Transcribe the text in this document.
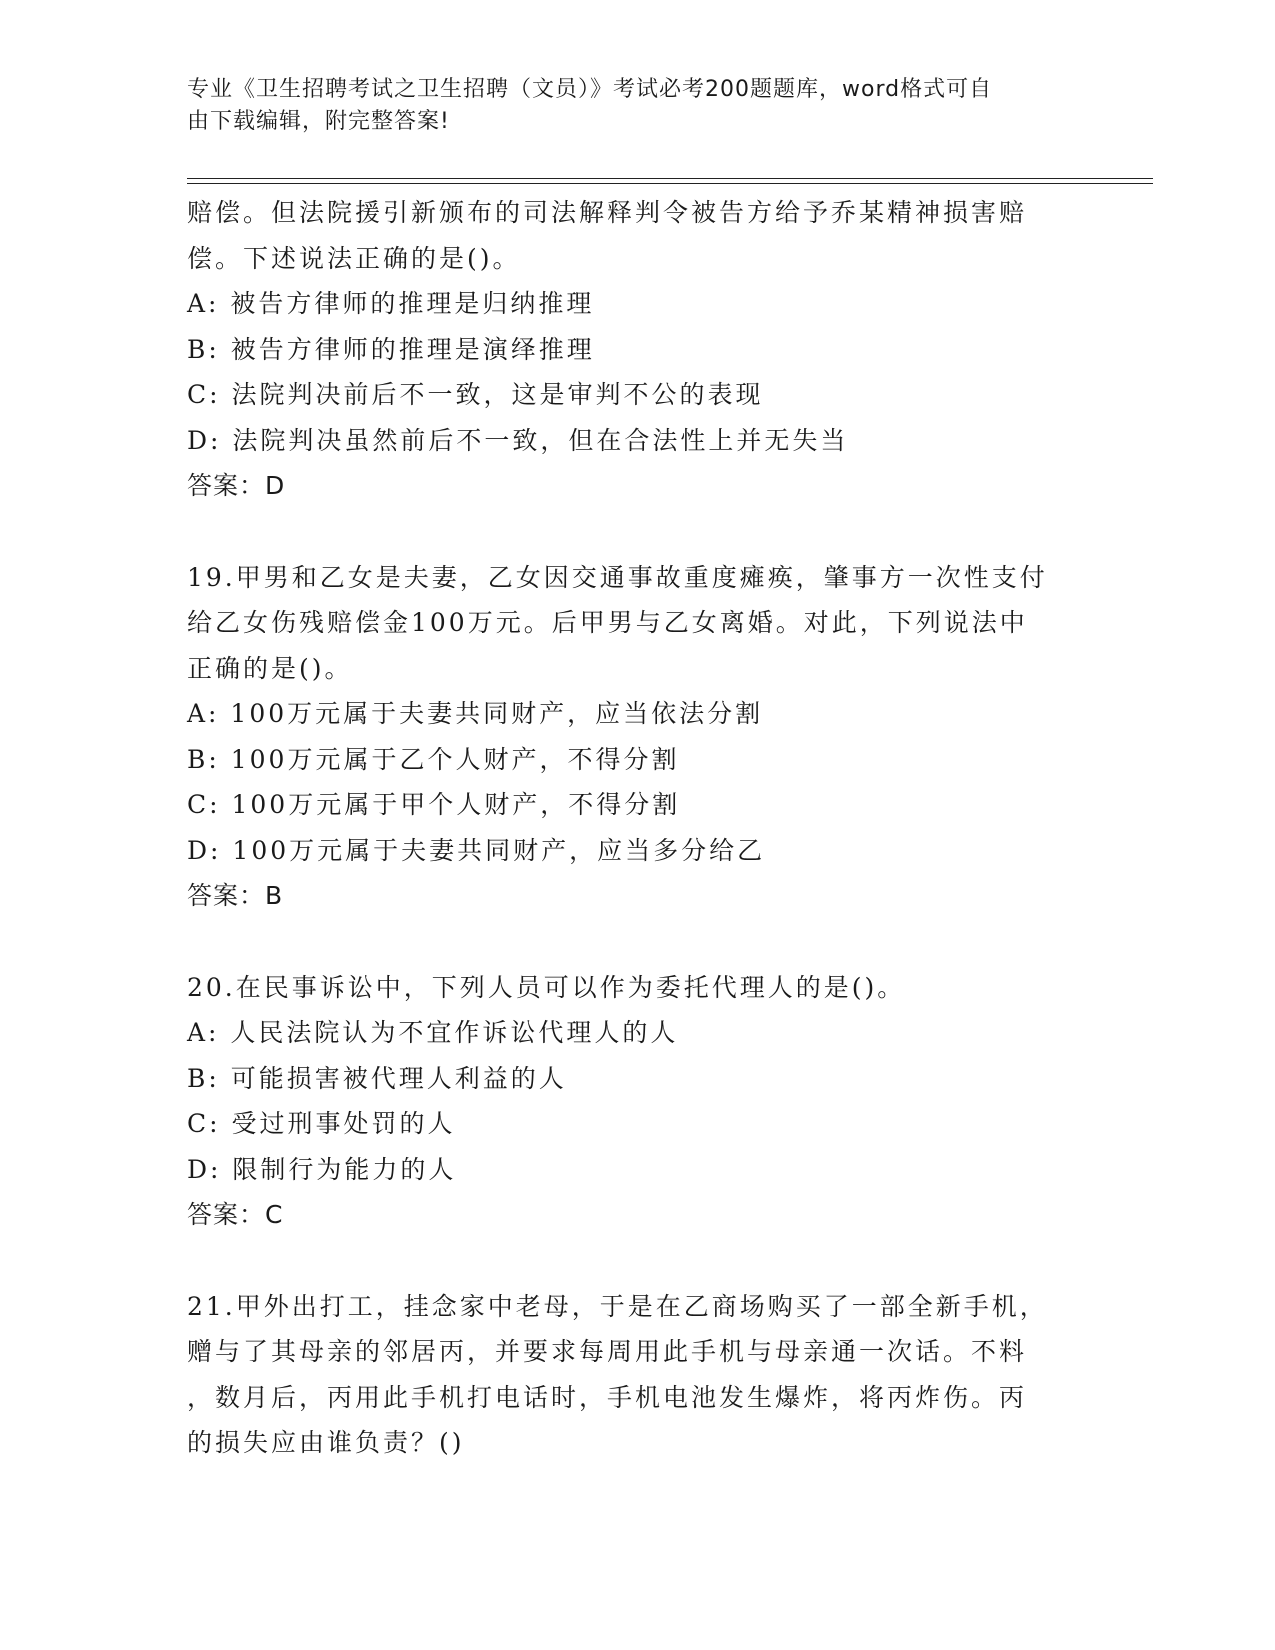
专业《卫生招聘考试之卫生招聘（文员）》考试必考200题题库，word格式可自
由下载编辑，附完整答案!
赔偿。但法院援引新颁布的司法解释判令被告方给予乔某精神损害赔
偿。下述说法正确的是()。
A: 被告方律师的推理是归纳推理
B: 被告方律师的推理是演绎推理
C: 法院判决前后不一致，这是审判不公的表现
D: 法院判决虽然前后不一致，但在合法性上并无失当
答案：D
19.甲男和乙女是夫妻，乙女因交通事故重度瘫痪，肇事方一次性支付
给乙女伤残赔偿金100万元。后甲男与乙女离婚。对此，下列说法中
正确的是()。
A: 100万元属于夫妻共同财产，应当依法分割
B: 100万元属于乙个人财产，不得分割
C: 100万元属于甲个人财产，不得分割
D: 100万元属于夫妻共同财产，应当多分给乙
答案：B
20.在民事诉讼中，下列人员可以作为委托代理人的是()。
A: 人民法院认为不宜作诉讼代理人的人
B: 可能损害被代理人利益的人
C: 受过刑事处罚的人
D: 限制行为能力的人
答案：C
21.甲外出打工，挂念家中老母，于是在乙商场购买了一部全新手机，
赠与了其母亲的邻居丙，并要求每周用此手机与母亲通一次话。不料
，数月后，丙用此手机打电话时，手机电池发生爆炸，将丙炸伤。丙
的损失应由谁负责？()
